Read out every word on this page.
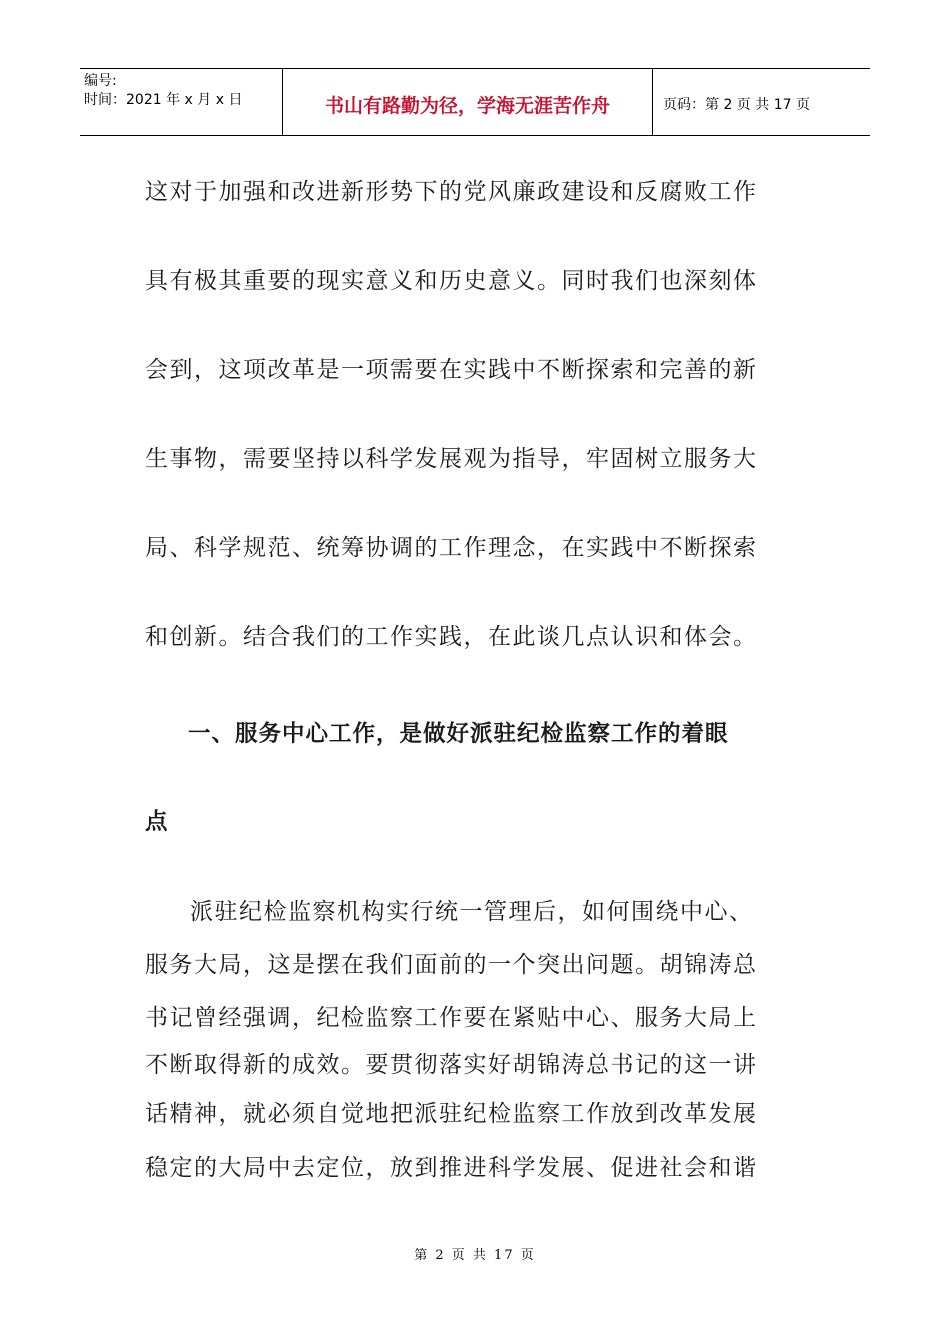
编号:
时间：2021 年 x 月 x 日	书山有路勤为径，学海无涯苦作舟	页码：第 2 页 共 17 页
这对于加强和改进新形势下的党风廉政建设和反腐败工作
具有极其重要的现实意义和历史意义。同时我们也深刻体
会到，这项改革是一项需要在实践中不断探索和完善的新
生事物，需要坚持以科学发展观为指导，牢固树立服务大
局、科学规范、统筹协调的工作理念，在实践中不断探索
和创新。结合我们的工作实践，在此谈几点认识和体会。
一、服务中心工作，是做好派驻纪检监察工作的着眼
点
派驻纪检监察机构实行统一管理后，如何围绕中心、
服务大局，这是摆在我们面前的一个突出问题。胡锦涛总
书记曾经强调，纪检监察工作要在紧贴中心、服务大局上
不断取得新的成效。要贯彻落实好胡锦涛总书记的这一讲
话精神，就必须自觉地把派驻纪检监察工作放到改革发展
稳定的大局中去定位，放到推进科学发展、促进社会和谐
第 2 页 共 17 页
